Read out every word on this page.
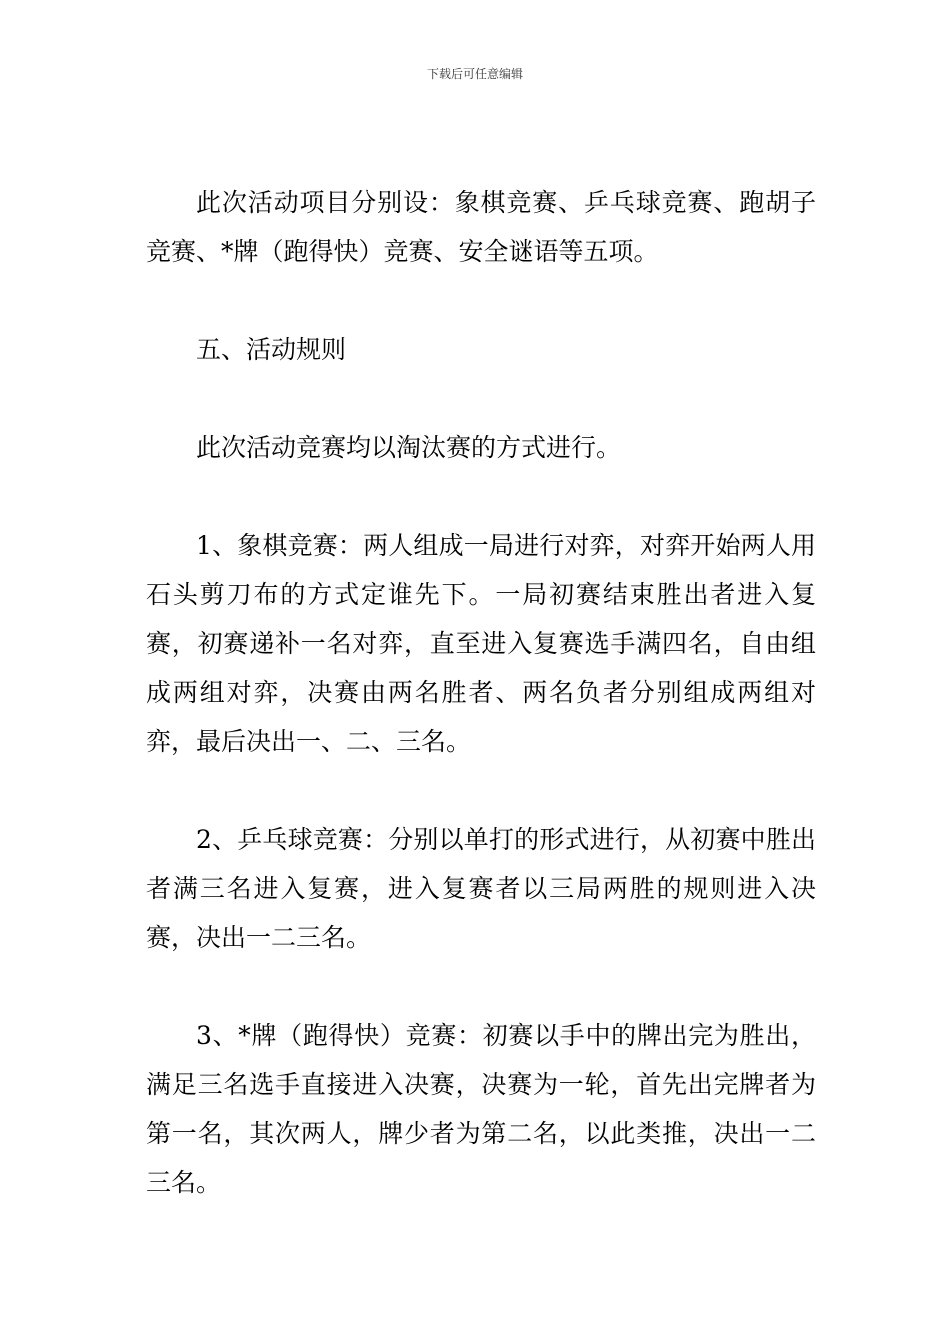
下载后可任意编辑

此次活动项目分别设：象棋竞赛、乒乓球竞赛、跑胡子竞赛、*牌（跑得快）竞赛、安全谜语等五项。

五、活动规则

此次活动竞赛均以淘汰赛的方式进行。

1、象棋竞赛：两人组成一局进行对弈，对弈开始两人用石头剪刀布的方式定谁先下。一局初赛结束胜出者进入复赛，初赛递补一名对弈，直至进入复赛选手满四名，自由组成两组对弈，决赛由两名胜者、两名负者分别组成两组对弈，最后决出一、二、三名。

2、乒乓球竞赛：分别以单打的形式进行，从初赛中胜出者满三名进入复赛，进入复赛者以三局两胜的规则进入决赛，决出一二三名。

3、*牌（跑得快）竞赛：初赛以手中的牌出完为胜出，满足三名选手直接进入决赛，决赛为一轮，首先出完牌者为第一名，其次两人，牌少者为第二名，以此类推，决出一二三名。
